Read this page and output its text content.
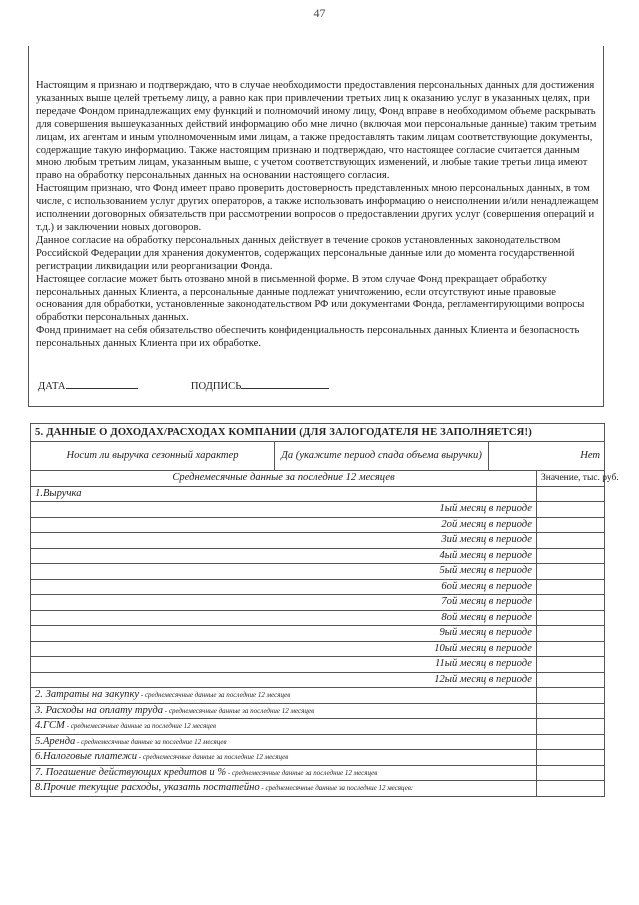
47

Настоящим я признаю и подтверждаю, что в случае необходимости предоставления персональных данных для достижения указанных выше целей третьему лицу, а равно как при привлечении третьих лиц к оказанию услуг в указанных целях, при передаче Фондом принадлежащих ему функций и полномочий иному лицу, Фонд вправе в необходимом объеме раскрывать для совершения вышеуказанных действий информацию обо мне лично (включая мои персональные данные) таким третьим лицам, их агентам и иным уполномоченным ими лицам, а также предоставлять таким лицам соответствующие документы, содержащие такую информацию. Также настоящим признаю и подтверждаю, что настоящее согласие считается данным мною любым третьим лицам, указанным выше, с учетом соответствующих изменений, и любые такие третьи лица имеют право на обработку персональных данных на основании настоящего согласия.

Настоящим признаю, что Фонд имеет право проверить достоверность представленных мною персональных данных, в том числе, с использованием услуг других операторов, а также использовать информацию о неисполнении и/или ненадлежащем исполнении договорных обязательств при рассмотрении вопросов о предоставлении других услуг (совершения операций и т.д.) и заключении новых договоров.

Данное согласие на обработку персональных данных действует в течение сроков установленных законодательством Российской Федерации для хранения документов, содержащих персональные данные или до момента государственной регистрации ликвидации или реорганизации Фонда.

Настоящее согласие может быть отозвано мной в письменной форме. В этом случае Фонд прекращает обработку персональных данных Клиента, а персональные данные подлежат уничтожению, если отсутствуют иные правовые основания для обработки, установленные законодательством РФ или документами Фонда, регламентирующими вопросы обработки персональных данных.

Фонд принимает на себя обязательство обеспечить конфиденциальность персональных данных Клиента и безопасность персональных данных Клиента при их обработке.

ДАТА	ПОДПИСЬ
5. ДАННЫЕ О ДОХОДАХ/РАСХОДАХ КОМПАНИИ (ДЛЯ ЗАЛОГОДАТЕЛЯ НЕ ЗАПОЛНЯЕТСЯ!)			
Носит ли выручка сезонный характер	Да (укажите период спада объема выручки)	Нет	
Среднемесячные данные за последние 12 месяцев			Значение, тыс. руб.
1.Выручка			
1ый месяц в периоде			
2ой месяц в периоде			
3ий месяц в периоде			
4ый месяц в периоде			
5ый месяц в периоде			
6ой месяц в периоде			
7ой месяц в периоде			
8ой месяц в периоде			
9ый месяц в периоде			
10ый месяц в периоде			
11ый месяц в периоде			
12ый месяц в периоде			
2. Затраты на закупку - среднемесячные данные за последние 12 месяцев			
3. Расходы на оплату труда - среднемесячные данные за последние 12 месяцев			
4.ГСМ - среднемесячные данные за последние 12 месяцев			
5.Аренда - среднемесячные данные за последние 12 месяцев			
6.Налоговые платежи - среднемесячные данные за последние 12 месяцев			
7. Погашение действующих кредитов и % - среднемесячные данные за последние 12 месяцев			
8.Прочие текущие расходы, указать постатейно - среднемесячные данные за последние 12 месяцев:			
